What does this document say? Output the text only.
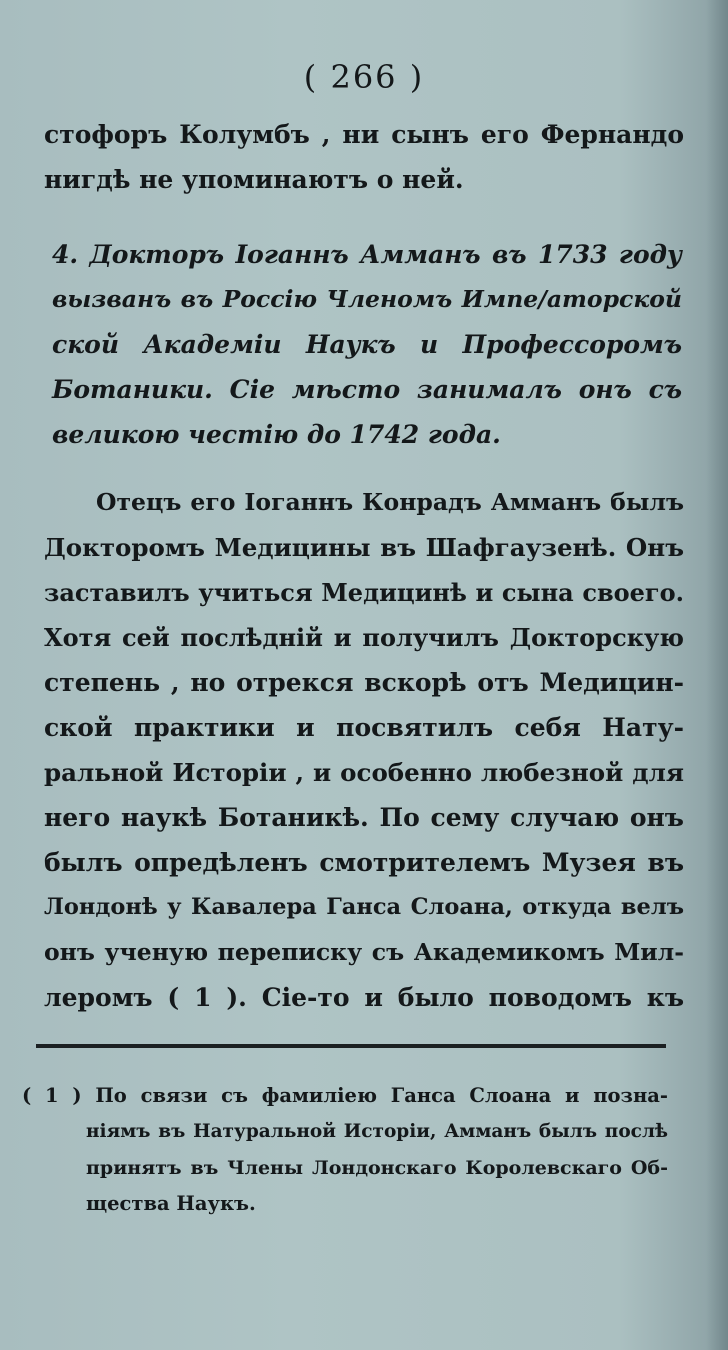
( 266 )
стофоръ Колумбъ , ни сынъ его Фернандо
нигдѣ не упоминаютъ о ней.
4. Докторъ Іоганнъ Амманъ въ 1733 году
вызванъ въ Россію Членомъ Импе/аторской
ской Академіи Наукъ и Профессоромъ
Ботаники. Сіе мѣсто занималъ онъ съ
великою честію до 1742 года.
Отецъ его Іоганнъ Конрадъ Амманъ былъ
Докторомъ Медицины въ Шафгаузенѣ. Онъ
заставилъ учиться Медицинѣ и сына своего.
Хотя сей послѣдній и получилъ Докторскую
степень , но отрекся вскорѣ отъ Медицин-
ской практики и посвятилъ себя Нату-
ральной Исторіи , и особенно любезной для
него наукѣ Ботаникѣ. По сему случаю онъ
былъ опредѣленъ смотрителемъ Музея въ
Лондонѣ у Кавалера Ганса Слоана, откуда велъ
онъ ученую переписку съ Академикомъ Мил-
леромъ ( 1 ). Сіе-то и было поводомъ къ
( 1 ) По связи съ фамиліею Ганса Слоана и позна-
ніямъ въ Натуральной Исторіи, Амманъ былъ послѣ
принятъ въ Члены Лондонскаго Королевскаго Об-
щества Наукъ.
